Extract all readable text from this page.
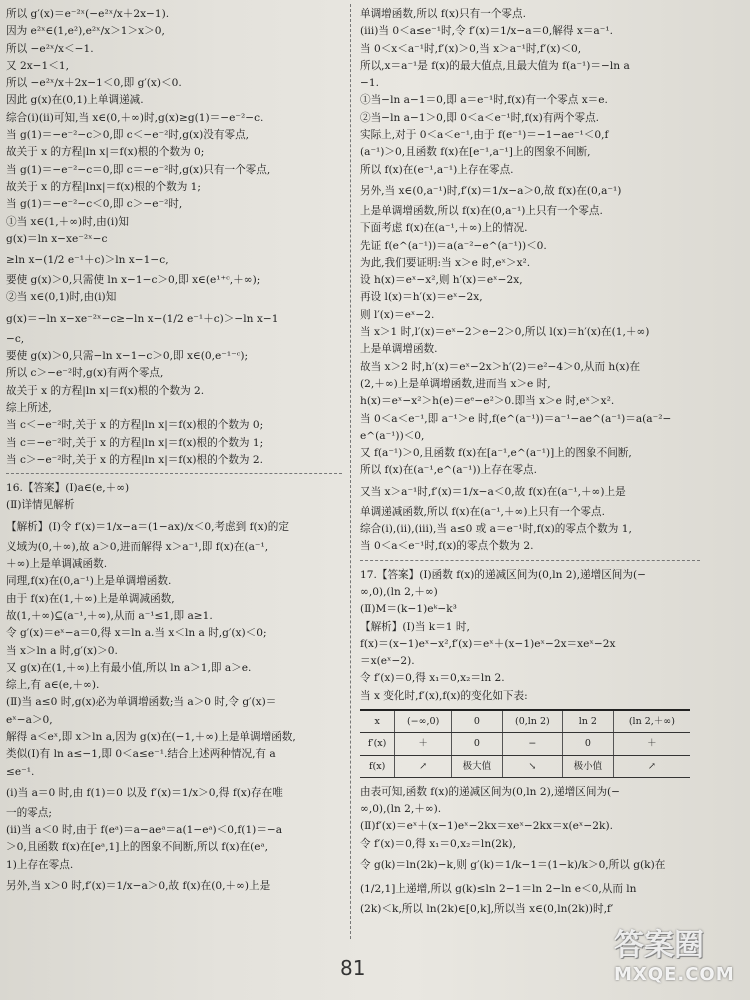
所以 g′(x)＝e⁻²ˣ(−e²ˣ/x＋2x−1).
因为 e²ˣ∈(1,e²),e²ˣ/x＞1＞x＞0,
所以 −e²ˣ/x＜−1.
又 2x−1＜1,
所以 −e²ˣ/x＋2x−1＜0,即 g′(x)＜0.
因此 g(x)在(0,1)上单调递减.
综合(i)(ii)可知,当 x∈(0,＋∞)时,g(x)≥g(1)＝−e⁻²−c.
当 g(1)＝−e⁻²−c＞0,即 c＜−e⁻²时,g(x)没有零点,
故关于 x 的方程|ln x|＝f(x)根的个数为 0;
当 g(1)＝−e⁻²−c＝0,即 c＝−e⁻²时,g(x)只有一个零点,
故关于 x 的方程|lnx|＝f(x)根的个数为 1;
当 g(1)＝−e⁻²−c＜0,即 c＞−e⁻²时,
①当 x∈(1,＋∞)时,由(i)知
g(x)＝ln x−xe⁻²ˣ−c
≥ln x−(1/2 e⁻¹＋c)＞ln x−1−c,
要使 g(x)＞0,只需使 ln x−1−c＞0,即 x∈(e¹⁺ᶜ,＋∞);
②当 x∈(0,1)时,由(i)知
g(x)＝−ln x−xe⁻²ˣ−c≥−ln x−(1/2 e⁻¹＋c)＞−ln x−1
−c,
要使 g(x)＞0,只需−ln x−1−c＞0,即 x∈(0,e⁻¹⁻ᶜ);
所以 c＞−e⁻²时,g(x)有两个零点,
故关于 x 的方程|ln x|＝f(x)根的个数为 2.
综上所述,
当 c＜−e⁻²时,关于 x 的方程|ln x|＝f(x)根的个数为 0;
当 c＝−e⁻²时,关于 x 的方程|ln x|＝f(x)根的个数为 1;
当 c＞−e⁻²时,关于 x 的方程|ln x|＝f(x)根的个数为 2.
16.【答案】(Ⅰ)a∈(e,＋∞)
(Ⅱ)详情见解析
【解析】(Ⅰ)令 f′(x)＝1/x−a＝(1−ax)/x＜0,考虑到 f(x)的定
义域为(0,＋∞),故 a＞0,进而解得 x＞a⁻¹,即 f(x)在(a⁻¹,
＋∞)上是单调减函数.
同理,f(x)在(0,a⁻¹)上是单调增函数.
由于 f(x)在(1,＋∞)上是单调减函数,
故(1,＋∞)⊆(a⁻¹,＋∞),从而 a⁻¹≤1,即 a≥1.
令 g′(x)＝eˣ−a＝0,得 x＝ln a.当 x＜ln a 时,g′(x)＜0;
当 x＞ln a 时,g′(x)＞0.
又 g(x)在(1,＋∞)上有最小值,所以 ln a＞1,即 a＞e.
综上,有 a∈(e,＋∞).
(Ⅱ)当 a≤0 时,g(x)必为单调增函数;当 a＞0 时,令 g′(x)＝
eˣ−a＞0,
解得 a＜eˣ,即 x＞ln a,因为 g(x)在(−1,＋∞)上是单调增函数,
类似(Ⅰ)有 ln a≤−1,即 0＜a≤e⁻¹.结合上述两种情况,有 a
≤e⁻¹.
(i)当 a＝0 时,由 f(1)＝0 以及 f′(x)＝1/x＞0,得 f(x)存在唯
一的零点;
(ii)当 a＜0 时,由于 f(eᵃ)＝a−aeᵃ＝a(1−eᵃ)＜0,f(1)＝−a
＞0,且函数 f(x)在[eᵃ,1]上的图象不间断,所以 f(x)在(eᵃ,
1)上存在零点.
另外,当 x＞0 时,f′(x)＝1/x−a＞0,故 f(x)在(0,＋∞)上是
单调增函数,所以 f(x)只有一个零点.
(iii)当 0＜a≤e⁻¹时,令 f′(x)＝1/x−a＝0,解得 x＝a⁻¹.
当 0＜x＜a⁻¹时,f′(x)＞0,当 x＞a⁻¹时,f′(x)＜0,
所以,x＝a⁻¹是 f(x)的最大值点,且最大值为 f(a⁻¹)＝−ln a
−1.
①当−ln a−1＝0,即 a＝e⁻¹时,f(x)有一个零点 x＝e.
②当−ln a−1＞0,即 0＜a＜e⁻¹时,f(x)有两个零点.
实际上,对于 0＜a＜e⁻¹,由于 f(e⁻¹)＝−1−ae⁻¹＜0,f
(a⁻¹)＞0,且函数 f(x)在[e⁻¹,a⁻¹]上的图象不间断,
所以 f(x)在(e⁻¹,a⁻¹)上存在零点.
另外,当 x∈(0,a⁻¹)时,f′(x)＝1/x−a＞0,故 f(x)在(0,a⁻¹)
上是单调增函数,所以 f(x)在(0,a⁻¹)上只有一个零点.
下面考虑 f(x)在(a⁻¹,＋∞)上的情况.
先证 f(e^(a⁻¹))＝a(a⁻²−e^(a⁻¹))＜0.
为此,我们要证明:当 x＞e 时,eˣ＞x².
设 h(x)＝eˣ−x²,则 h′(x)＝eˣ−2x,
再设 l(x)＝h′(x)＝eˣ−2x,
则 l′(x)＝eˣ−2.
当 x＞1 时,l′(x)＝eˣ−2＞e−2＞0,所以 l(x)＝h′(x)在(1,＋∞)
上是单调增函数.
故当 x＞2 时,h′(x)＝eˣ−2x＞h′(2)＝e²−4＞0,从而 h(x)在
(2,＋∞)上是单调增函数,进而当 x＞e 时,
h(x)＝eˣ−x²＞h(e)＝eᵉ−e²＞0.即当 x＞e 时,eˣ＞x².
当 0＜a＜e⁻¹,即 a⁻¹＞e 时,f(e^(a⁻¹))＝a⁻¹−ae^(a⁻¹)＝a(a⁻²−
e^(a⁻¹))＜0,
又 f(a⁻¹)＞0,且函数 f(x)在[a⁻¹,e^(a⁻¹)]上的图象不间断,
所以 f(x)在(a⁻¹,e^(a⁻¹))上存在零点.
又当 x＞a⁻¹时,f′(x)＝1/x−a＜0,故 f(x)在(a⁻¹,＋∞)上是
单调递减函数,所以 f(x)在(a⁻¹,＋∞)上只有一个零点.
综合(i),(ii),(iii),当 a≤0 或 a＝e⁻¹时,f(x)的零点个数为 1,
当 0＜a＜e⁻¹时,f(x)的零点个数为 2.
17.【答案】(Ⅰ)函数 f(x)的递减区间为(0,ln 2),递增区间为(−
∞,0),(ln 2,＋∞)
(Ⅱ)M＝(k−1)eᵏ−k³
【解析】(Ⅰ)当 k＝1 时,
f(x)＝(x−1)eˣ−x²,f′(x)＝eˣ＋(x−1)eˣ−2x＝xeˣ−2x
＝x(eˣ−2).
令 f′(x)＝0,得 x₁＝0,x₂＝ln 2.
当 x 变化时,f′(x),f(x)的变化如下表:
x	(−∞,0)	0	(0,ln 2)	ln 2	(ln 2,＋∞)
f′(x)	＋	0	−	0	＋
f(x)	↗	极大值	↘	极小值	↗
由表可知,函数 f(x)的递减区间为(0,ln 2),递增区间为(−
∞,0),(ln 2,＋∞).
(Ⅱ)f′(x)＝eˣ＋(x−1)eˣ−2kx＝xeˣ−2kx＝x(eˣ−2k).
令 f′(x)＝0,得 x₁＝0,x₂＝ln(2k),
令 g(k)＝ln(2k)−k,则 g′(k)＝1/k−1＝(1−k)/k＞0,所以 g(k)在
(1/2,1]上递增,所以 g(k)≤ln 2−1＝ln 2−ln e＜0,从而 ln
(2k)＜k,所以 ln(2k)∈[0,k],所以当 x∈(0,ln(2k))时,f′
81
答案圈
MXQE.COM
